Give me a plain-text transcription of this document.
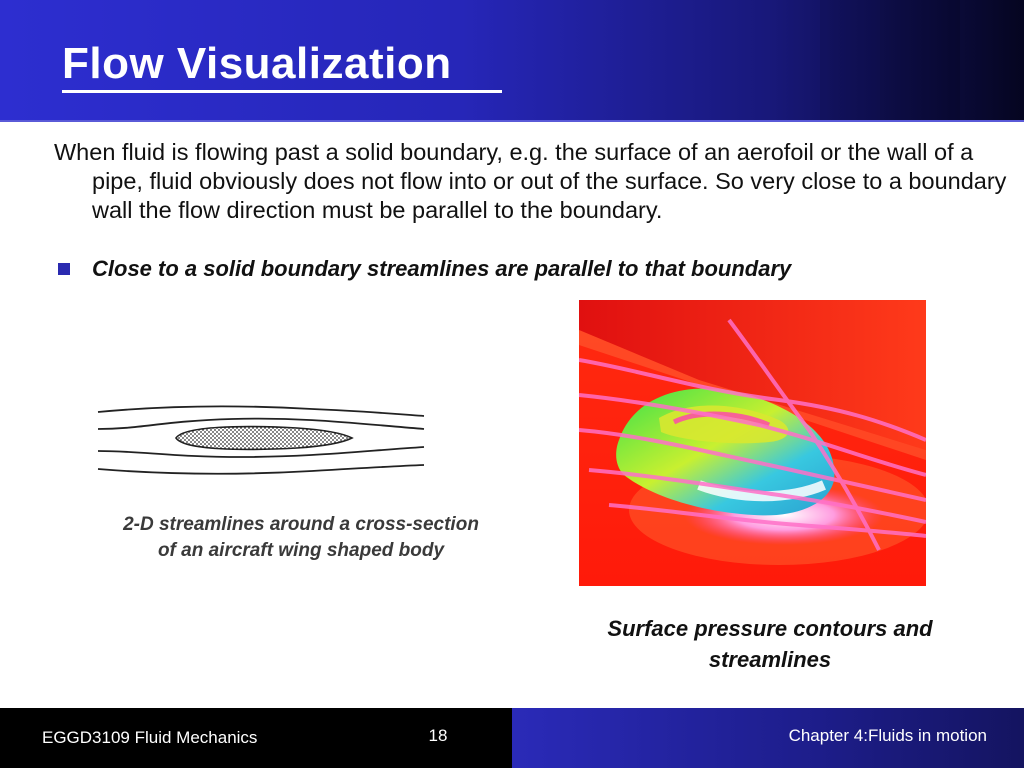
Flow Visualization
When fluid is flowing past a solid boundary, e.g. the surface of an aerofoil or the wall of a pipe, fluid obviously does not flow into or out of the surface. So very close to a boundary wall the flow direction must be parallel to the boundary.
Close to a solid boundary streamlines are parallel to that boundary
2-D streamlines around a cross-section
of an aircraft wing shaped body
Surface pressure contours and streamlines
EGGD3109 Fluid Mechanics	18	Chapter 4:Fluids in motion
